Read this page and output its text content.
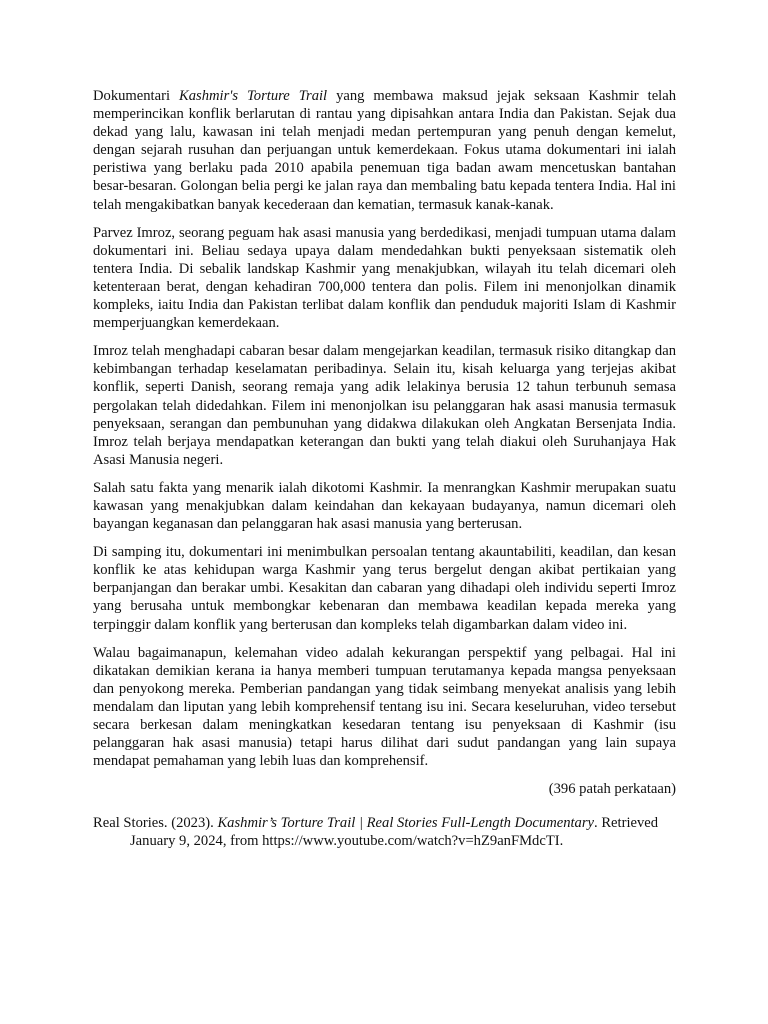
Dokumentari Kashmir's Torture Trail yang membawa maksud jejak seksaan Kashmir telah memperincikan konflik berlarutan di rantau yang dipisahkan antara India dan Pakistan. Sejak dua dekad yang lalu, kawasan ini telah menjadi medan pertempuran yang penuh dengan kemelut, dengan sejarah rusuhan dan perjuangan untuk kemerdekaan. Fokus utama dokumentari ini ialah peristiwa yang berlaku pada 2010 apabila penemuan tiga badan awam mencetuskan bantahan besar-besaran. Golongan belia pergi ke jalan raya dan membaling batu kepada tentera India. Hal ini telah mengakibatkan banyak kecederaan dan kematian, termasuk kanak-kanak.

Parvez Imroz, seorang peguam hak asasi manusia yang berdedikasi, menjadi tumpuan utama dalam dokumentari ini. Beliau sedaya upaya dalam mendedahkan bukti penyeksaan sistematik oleh tentera India. Di sebalik landskap Kashmir yang menakjubkan, wilayah itu telah dicemari oleh ketenteraan berat, dengan kehadiran 700,000 tentera dan polis. Filem ini menonjolkan dinamik kompleks, iaitu India dan Pakistan terlibat dalam konflik dan penduduk majoriti Islam di Kashmir memperjuangkan kemerdekaan.

Imroz telah menghadapi cabaran besar dalam mengejarkan keadilan, termasuk risiko ditangkap dan kebimbangan terhadap keselamatan peribadinya. Selain itu, kisah keluarga yang terjejas akibat konflik, seperti Danish, seorang remaja yang adik lelakinya berusia 12 tahun terbunuh semasa pergolakan telah didedahkan. Filem ini menonjolkan isu pelanggaran hak asasi manusia termasuk penyeksaan, serangan dan pembunuhan yang didakwa dilakukan oleh Angkatan Bersenjata India. Imroz telah berjaya mendapatkan keterangan dan bukti yang telah diakui oleh Suruhanjaya Hak Asasi Manusia negeri.

Salah satu fakta yang menarik ialah dikotomi Kashmir. Ia menrangkan Kashmir merupakan suatu kawasan yang menakjubkan dalam keindahan dan kekayaan budayanya, namun dicemari oleh bayangan keganasan dan pelanggaran hak asasi manusia yang berterusan.

Di samping itu, dokumentari ini menimbulkan persoalan tentang akauntabiliti, keadilan, dan kesan konflik ke atas kehidupan warga Kashmir yang terus bergelut dengan akibat pertikaian yang berpanjangan dan berakar umbi. Kesakitan dan cabaran yang dihadapi oleh individu seperti Imroz yang berusaha untuk membongkar kebenaran dan membawa keadilan kepada mereka yang terpinggir dalam konflik yang berterusan dan kompleks telah digambarkan dalam video ini.

Walau bagaimanapun, kelemahan video adalah kekurangan perspektif yang pelbagai. Hal ini dikatakan demikian kerana ia hanya memberi tumpuan terutamanya kepada mangsa penyeksaan dan penyokong mereka. Pemberian pandangan yang tidak seimbang menyekat analisis yang lebih mendalam dan liputan yang lebih komprehensif tentang isu ini. Secara keseluruhan, video tersebut secara berkesan dalam meningkatkan kesedaran tentang isu penyeksaan di Kashmir (isu pelanggaran hak asasi manusia) tetapi harus dilihat dari sudut pandangan yang lain supaya mendapat pemahaman yang lebih luas dan komprehensif.

(396 patah perkataan)

Real Stories. (2023). Kashmir’s Torture Trail | Real Stories Full-Length Documentary. Retrieved January 9, 2024, from https://www.youtube.com/watch?v=hZ9anFMdcTI.
